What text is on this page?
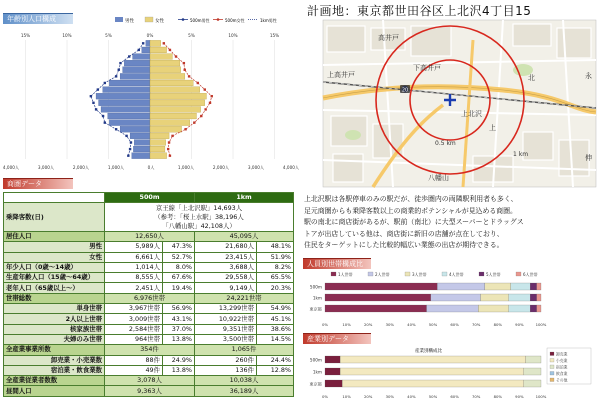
年齢別人口構成	男性	女性	500m男性	500m女性	1km男性
15%	10%	5%	0%	5%	10%	15%
4,000人	3,000人	2,000人	1,000人	0人	1,000人	2,000人	3,000人	4,000人
商圏データ
	500m		1km	
乗降客数(日)	京王線「上北沢駅」14,693人
（参考：「桜上水駅」38,196人
「八幡山駅」42,108人）			

居住人口	12,650人		45,095人	
男性	5,989人	47.3%	21,680人	48.1%
女性	6,661人	52.7%	23,415人	51.9%
年少人口（0歳～14歳）	1,014人	8.0%	3,688人	8.2%
生産年齢人口（15歳～64歳）	8,555人	67.6%	29,558人	65.5%
老年人口（65歳以上～）	2,451人	19.4%	9,149人	20.3%
世帯総数	6,976世帯		24,221世帯	
単身世帯	3,967世帯	56.9%	13,299世帯	54.9%
2人以上世帯	3,009世帯	43.1%	10,922世帯	45.1%
核家族世帯	2,584世帯	37.0%	9,351世帯	38.6%
夫婦のみ世帯	964世帯	13.8%	3,500世帯	14.5%
全産業事業所数	354件		1,065件	
卸売業・小売業数	88件	24.9%	260件	24.4%
宿泊業・飲食業数	49件	13.8%	136件	12.8%
全産業従業者数数	3,078人		10,038人	
昼間人口	9,363人		36,189人	
計画地：東京都世田谷区上北沢4丁目15
20
高井戸
上高井戸
下高井戸
上北沢
八幡山
0.5 km
1 km
北	永
伸
上
上北沢駅は各駅停車のみの駅だが、徒歩圏内の両隣駅利用者も多く、
足元商圏からも乗降客数以上の商業的ポテンシャルが見込める商圏。
駅の南北に商店街があるが、駅前（南北）に大型スーパーとドラッグス
トアが出店している他は、商店街に新旧の店舗が点在しており、
住民をターゲットにした比較的幅広い業態の出店が期待できる。
人員別世帯構成比
1人世帯	2人世帯	3人世帯	4人世帯	5人世帯	6人世帯
500m
1km
東京都
0%	10%	20%	30%	40%	50%	60%	70%	80%	90%	100%
産業別データ
産業別構成比
500m
1km
東京都
0%	10%	20%	30%	40%	50%	60%	70%	80%	90%	100%
卸売業
小売業
宿泊業
飲食業
その他
